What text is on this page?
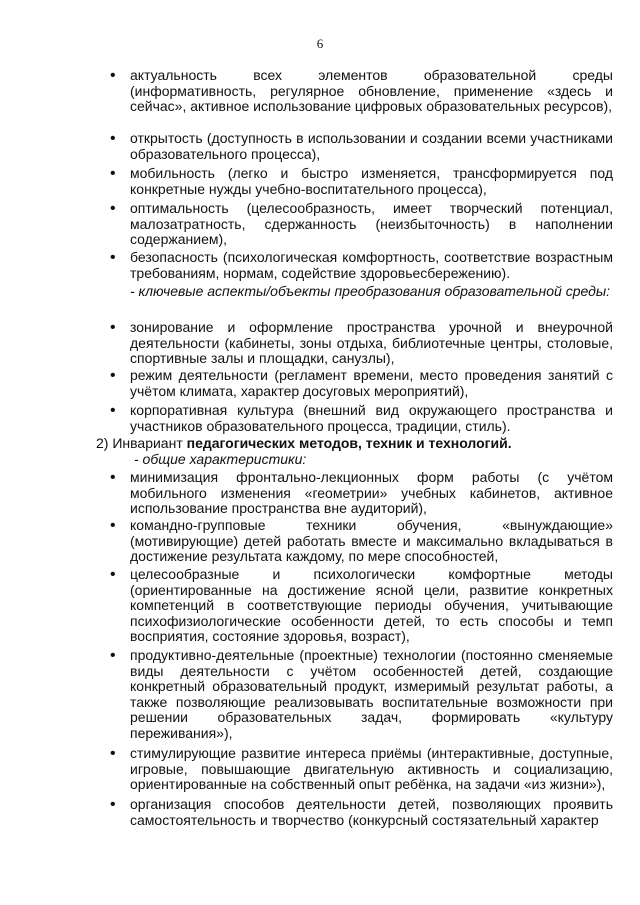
6

• актуальность всех элементов образовательной среды (информативность, регулярное обновление, применение «здесь и сейчас», активное использование цифровых образовательных ресурсов),

• открытость (доступность в использовании и создании всеми участниками образовательного процесса),

• мобильность (легко и быстро изменяется, трансформируется под конкретные нужды учебно-воспитательного процесса),

• оптимальность (целесообразность, имеет творческий потенциал, малозатратность, сдержанность (неизбыточность) в наполнении содержанием),

• безопасность (психологическая комфортность, соответствие возрастным требованиям, нормам, содействие здоровьесбережению).

- ключевые аспекты/объекты преобразования образовательной среды:

• зонирование и оформление пространства урочной и внеурочной деятельности (кабинеты, зоны отдыха, библиотечные центры, столовые, спортивные залы и площадки, санузлы),

• режим деятельности (регламент времени, место проведения занятий с учётом климата, характер досуговых мероприятий),

• корпоративная культура (внешний вид окружающего пространства и участников образовательного процесса, традиции, стиль).

2) Инвариант педагогических методов, техник и технологий.

- общие характеристики:

• минимизация фронтально-лекционных форм работы (с учётом мобильного изменения «геометрии» учебных кабинетов, активное использование пространства вне аудиторий),

• командно-групповые техники обучения, «вынуждающие» (мотивирующие) детей работать вместе и максимально вкладываться в достижение результата каждому, по мере способностей,

• целесообразные и психологически комфортные методы (ориентированные на достижение ясной цели, развитие конкретных компетенций в соответствующие периоды обучения, учитывающие психофизиологические особенности детей, то есть способы и темп восприятия, состояние здоровья, возраст),

• продуктивно-деятельные (проектные) технологии (постоянно сменяемые виды деятельности с учётом особенностей детей, создающие конкретный образовательный продукт, измеримый результат работы, а также позволяющие реализовывать воспитательные возможности при решении образовательных задач, формировать «культуру переживания»),

• стимулирующие развитие интереса приёмы (интерактивные, доступные, игровые, повышающие двигательную активность и социализацию, ориентированные на собственный опыт ребёнка, на задачи «из жизни»),

• организация способов деятельности детей, позволяющих проявить самостоятельность и творчество (конкурсный состязательный характер
